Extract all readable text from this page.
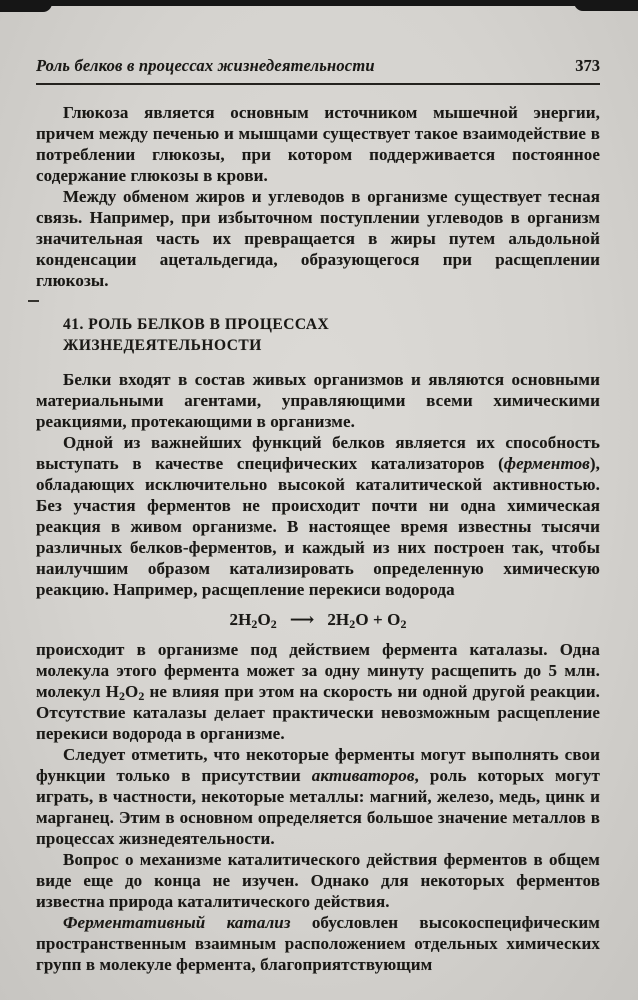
Роль белков в процессах жизнедеятельности	373

Глюкоза является основным источником мышечной энергии, причем между печенью и мышцами существует такое взаимодействие в потреблении глюкозы, при котором поддерживается постоянное содержание глюкозы в крови.

Между обменом жиров и углеводов в организме существует тесная связь. Например, при избыточном поступлении углеводов в организм значительная часть их превращается в жиры путем альдольной конденсации ацетальдегида, образующегося при расщеплении глюкозы.

41. РОЛЬ БЕЛКОВ В ПРОЦЕССАХ
ЖИЗНЕДЕЯТЕЛЬНОСТИ

Белки входят в состав живых организмов и являются основными материальными агентами, управляющими всеми химическими реакциями, протекающими в организме.

Одной из важнейших функций белков является их способность выступать в качестве специфических катализаторов (ферментов), обладающих исключительно высокой каталитической активностью. Без участия ферментов не происходит почти ни одна химическая реакция в живом организме. В настоящее время известны тысячи различных белков-ферментов, и каждый из них построен так, чтобы наилучшим образом катализировать определенную химическую реакцию. Например, расщепление перекиси водорода

$2H_2O_2$ ⟶ $2H_2O + O_2$

происходит в организме под действием фермента каталазы. Одна молекула этого фермента может за одну минуту расщепить до 5 млн. молекул $H_2O_2$ не влияя при этом на скорость ни одной другой реакции. Отсутствие каталазы делает практически невозможным расщепление перекиси водорода в организме.

Следует отметить, что некоторые ферменты могут выполнять свои функции только в присутствии активаторов, роль которых могут играть, в частности, некоторые металлы: магний, железо, медь, цинк и марганец. Этим в основном определяется большое значение металлов в процессах жизнедеятельности.

Вопрос о механизме каталитического действия ферментов в общем виде еще до конца не изучен. Однако для некоторых ферментов известна природа каталитического действия.

Ферментативный катализ обусловлен высокоспецифическим пространственным взаимным расположением отдельных химических групп в молекуле фермента, благоприятствующим
